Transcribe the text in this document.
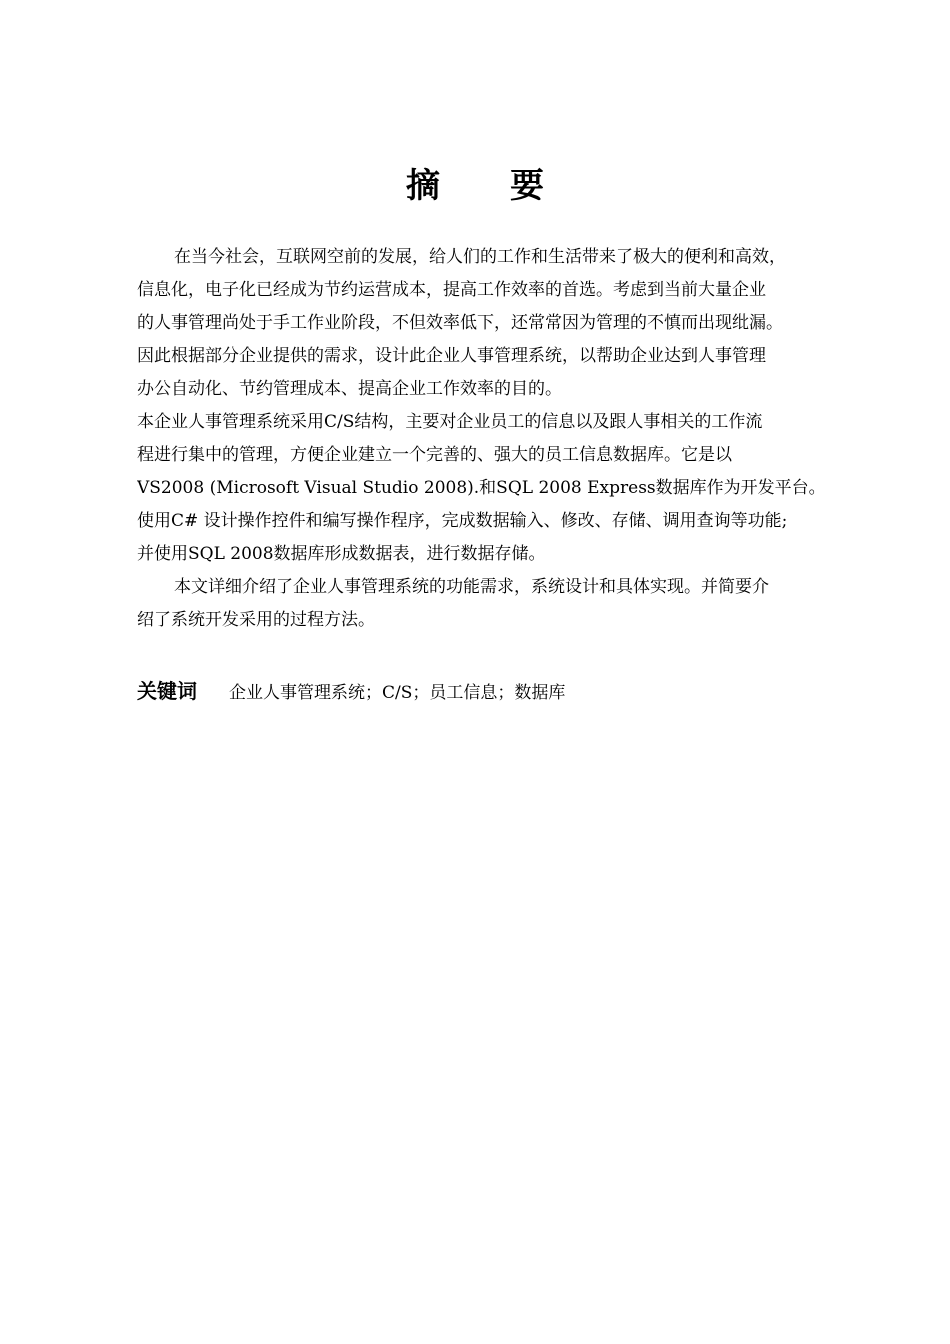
摘 要
在当今社会，互联网空前的发展，给人们的工作和生活带来了极大的便利和高效，
信息化，电子化已经成为节约运营成本，提高工作效率的首选。考虑到当前大量企业
的人事管理尚处于手工作业阶段，不但效率低下，还常常因为管理的不慎而出现纰漏。
因此根据部分企业提供的需求，设计此企业人事管理系统，以帮助企业达到人事管理
办公自动化、节约管理成本、提高企业工作效率的目的。
本企业人事管理系统采用C/S结构，主要对企业员工的信息以及跟人事相关的工作流
程进行集中的管理，方便企业建立一个完善的、强大的员工信息数据库。它是以
VS2008 (Microsoft Visual Studio 2008).和SQL 2008 Express数据库作为开发平台。
使用C# 设计操作控件和编写操作程序，完成数据输入、修改、存储、调用查询等功能;
并使用SQL 2008数据库形成数据表，进行数据存储。
本文详细介绍了企业人事管理系统的功能需求，系统设计和具体实现。并简要介
绍了系统开发采用的过程方法。
关键词 企业人事管理系统；C/S；员工信息；数据库
